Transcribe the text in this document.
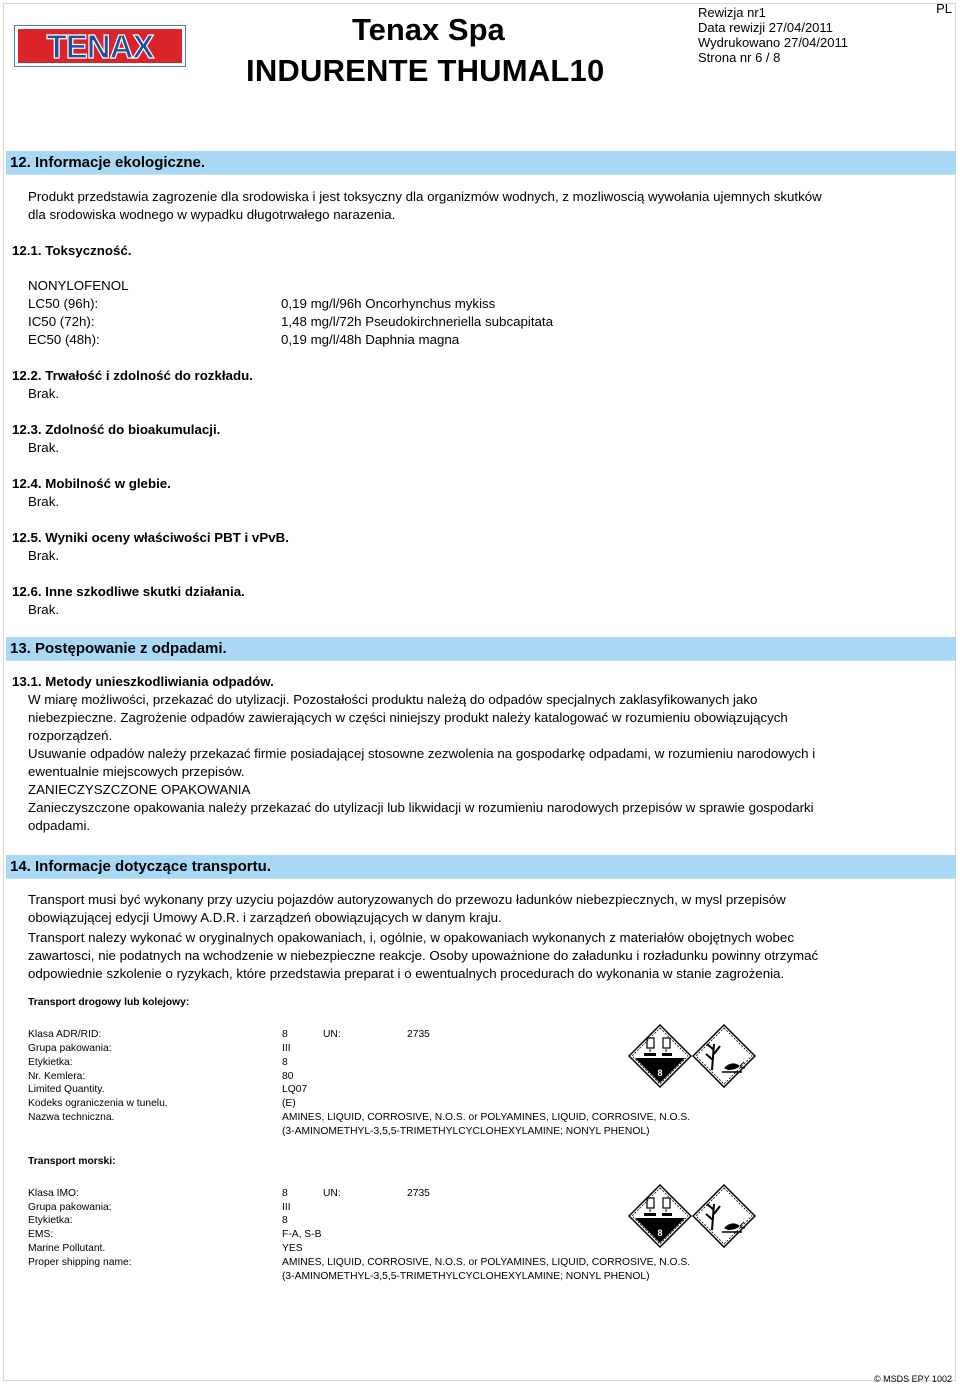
TENAX	Tenax Spa
INDURENTE THUMAL10
Rewizja nr1
Data rewizji 27/04/2011
Wydrukowano 27/04/2011
Strona nr 6 / 8
PL
12. Informacje ekologiczne.
Produkt przedstawia zagrozenie dla srodowiska i jest toksyczny dla organizmów wodnych, z mozliwoscią wywołania ujemnych skutków
dla srodowiska wodnego w wypadku długotrwałego narazenia.
12.1. Toksyczność.
NONYLOFENOL
LC50 (96h):	0,19 mg/l/96h Oncorhynchus mykiss
IC50 (72h):	1,48 mg/l/72h Pseudokirchneriella subcapitata
EC50 (48h):	0,19 mg/l/48h Daphnia magna
12.2. Trwałość i zdolność do rozkładu.
Brak.
12.3. Zdolność do bioakumulacji.
Brak.
12.4. Mobilność w glebie.
Brak.
12.5. Wyniki oceny właściwości PBT i vPvB.
Brak.
12.6. Inne szkodliwe skutki działania.
Brak.
13. Postępowanie z odpadami.
13.1. Metody unieszkodliwiania odpadów.
W miarę możliwości, przekazać do utylizacji. Pozostałości produktu należą do odpadów specjalnych zaklasyfikowanych jako
niebezpieczne. Zagrożenie odpadów zawierających w części niniejszy produkt należy katalogować w rozumieniu obowiązujących
rozporządzeń.
Usuwanie odpadów należy przekazać firmie posiadającej stosowne zezwolenia na gospodarkę odpadami, w rozumieniu narodowych i
ewentualnie miejscowych przepisów.
ZANIECZYSZCZONE OPAKOWANIA
Zanieczyszczone opakowania należy przekazać do utylizacji lub likwidacji w rozumieniu narodowych przepisów w sprawie gospodarki
odpadami.
14. Informacje dotyczące transportu.
Transport musi być wykonany przy uzyciu pojazdów autoryzowanych do przewozu ładunków niebezpiecznych, w mysl przepisów
obowiązującej edycji Umowy A.D.R. i zarządzeń obowiązujących w danym kraju.
Transport nalezy wykonać w oryginalnych opakowaniach, i, ogólnie, w opakowaniach wykonanych z materiałów obojętnych wobec
zawartosci, nie podatnych na wchodzenie w niebezpieczne reakcje. Osoby upoważnione do załadunku i rozładunku powinny otrzymać
odpowiednie szkolenie o ryzykach, które przedstawia preparat i o ewentualnych procedurach do wykonania w stanie zagrożenia.
Transport drogowy lub kolejowy:
Klasa ADR/RID:	8	UN:	2735
Grupa pakowania:	III
Etykietka:	8
Nr. Kemlera:	80
Limited Quantity.	LQ07
Kodeks ograniczenia w tunelu.	(E)
Nazwa techniczna.	AMINES, LIQUID, CORROSIVE, N.O.S. or POLYAMINES, LIQUID, CORROSIVE, N.O.S.
(3-AMINOMETHYL-3,5,5-TRIMETHYLCYCLOHEXYLAMINE; NONYL PHENOL)
8
Transport morski:
Klasa IMO:	8	UN:	2735
Grupa pakowania:	III
Etykietka:	8
EMS:	F-A, S-B
Marine Pollutant.	YES
Proper shipping name:	AMINES, LIQUID, CORROSIVE, N.O.S. or POLYAMINES, LIQUID, CORROSIVE, N.O.S.
(3-AMINOMETHYL-3,5,5-TRIMETHYLCYCLOHEXYLAMINE; NONYL PHENOL)
8
© MSDS EPY 1002
